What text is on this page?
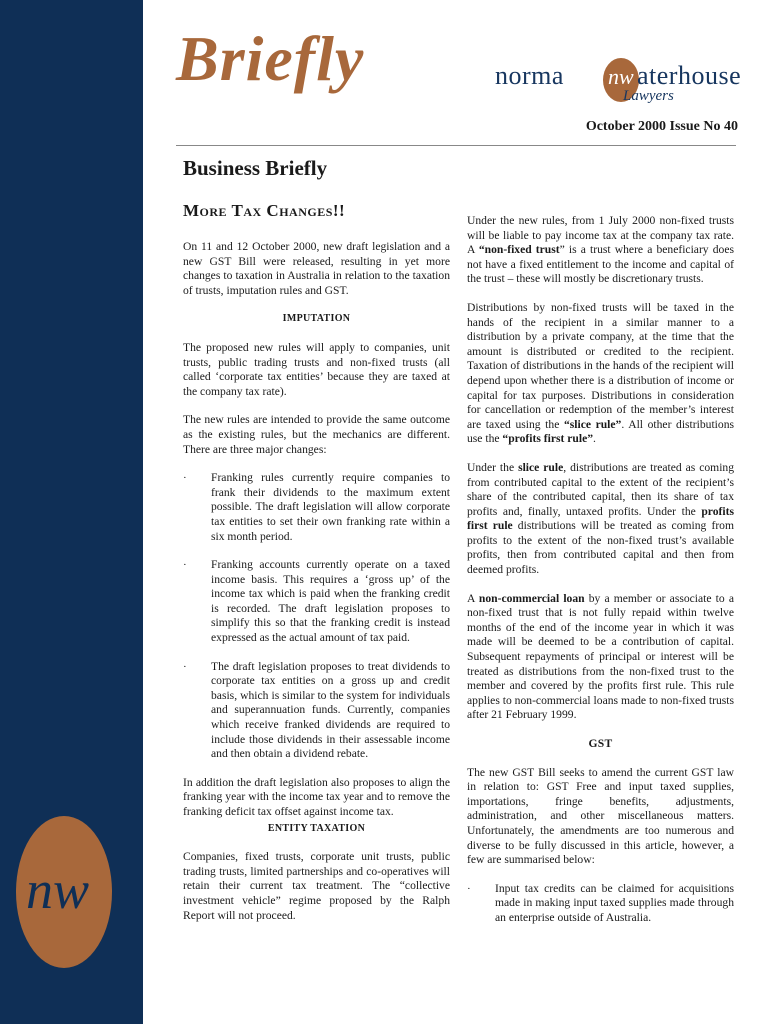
nw
Briefly	norma nw aterhouse
Lawyers
October 2000 Issue No 40
Business Briefly
More Tax Changes!!

On 11 and 12 October 2000, new draft legislation and a new GST Bill were released, resulting in yet more changes to taxation in Australia in relation to the taxation of trusts, imputation rules and GST.

IMPUTATION

The proposed new rules will apply to companies, unit trusts, public trading trusts and non-fixed trusts (all called ‘corporate tax entities’ because they are taxed at the company tax rate).

The new rules are intended to provide the same outcome as the existing rules, but the mechanics are different. There are three major changes:

·	Franking rules currently require companies to frank their dividends to the maximum extent possible. The draft legislation will allow corporate tax entities to set their own franking rate within a six month period.
·	Franking accounts currently operate on a taxed income basis. This requires a ‘gross up’ of the income tax which is paid when the franking credit is recorded. The draft legislation proposes to simplify this so that the franking credit is instead expressed as the actual amount of tax paid.
·	The draft legislation proposes to treat dividends to corporate tax entities on a gross up and credit basis, which is similar to the system for individuals and superannuation funds. Currently, companies which receive franked dividends are required to include those dividends in their assessable income and then obtain a dividend rebate.

In addition the draft legislation also proposes to align the franking year with the income tax year and to remove the franking deficit tax offset against income tax.

ENTITY TAXATION

Companies, fixed trusts, corporate unit trusts, public trading trusts, limited partnerships and co-operatives will retain their current tax treatment. The “collective investment vehicle” regime proposed by the Ralph Report will not proceed.

Under the new rules, from 1 July 2000 non-fixed trusts will be liable to pay income tax at the company tax rate. A “non-fixed trust” is a trust where a beneficiary does not have a fixed entitlement to the income and capital of the trust – these will mostly be discretionary trusts.

Distributions by non-fixed trusts will be taxed in the hands of the recipient in a similar manner to a distribution by a private company, at the time that the amount is distributed or credited to the recipient. Taxation of distributions in the hands of the recipient will depend upon whether there is a distribution of income or capital for tax purposes. Distributions in consideration for cancellation or redemption of the member’s interest are taxed using the “slice rule”. All other distributions use the “profits first rule”.

Under the slice rule, distributions are treated as coming from contributed capital to the extent of the recipient’s share of the contributed capital, then its share of tax profits and, finally, untaxed profits. Under the profits first rule distributions will be treated as coming from profits to the extent of the non-fixed trust’s available profits, then from contributed capital and then from deemed profits.

A non-commercial loan by a member or associate to a non-fixed trust that is not fully repaid within twelve months of the end of the income year in which it was made will be deemed to be a contribution of capital. Subsequent repayments of principal or interest will be treated as distributions from the non-fixed trust to the member and covered by the profits first rule. This rule applies to non-commercial loans made to non-fixed trusts after 21 February 1999.

GST

The new GST Bill seeks to amend the current GST law in relation to: GST Free and input taxed supplies, importations, fringe benefits, adjustments, administration, and other miscellaneous matters. Unfortunately, the amendments are too numerous and diverse to be fully discussed in this article, however, a few are summarised below:

·	Input tax credits can be claimed for acquisitions made in making input taxed supplies made through an enterprise outside of Australia.
